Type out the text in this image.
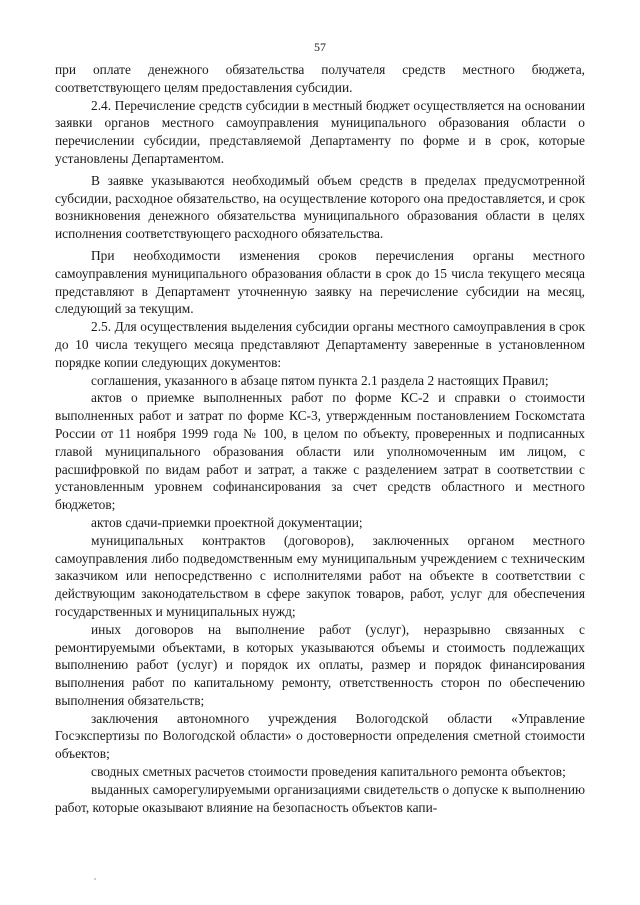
57

при оплате денежного обязательства получателя средств местного бюджета, соответствующего целям предоставления субсидии.

2.4. Перечисление средств субсидии в местный бюджет осуществляется на основании заявки органов местного самоуправления муниципального образования области о перечислении субсидии, представляемой Департаменту по форме и в срок, которые установлены Департаментом.

В заявке указываются необходимый объем средств в пределах предусмотренной субсидии, расходное обязательство, на осуществление которого она предоставляется, и срок возникновения денежного обязательства муниципального образования области в целях исполнения соответствующего расходного обязательства.

При необходимости изменения сроков перечисления органы местного самоуправления муниципального образования области в срок до 15 числа текущего месяца представляют в Департамент уточненную заявку на перечисление субсидии на месяц, следующий за текущим.

2.5. Для осуществления выделения субсидии органы местного самоуправления в срок до 10 числа текущего месяца представляют Департаменту заверенные в установленном порядке копии следующих документов:

соглашения, указанного в абзаце пятом пункта 2.1 раздела 2 настоящих Правил;

актов о приемке выполненных работ по форме КС-2 и справки о стоимости выполненных работ и затрат по форме КС-3, утвержденным постановлением Госкомстата России от 11 ноября 1999 года № 100, в целом по объекту, проверенных и подписанных главой муниципального образования области или уполномоченным им лицом, с расшифровкой по видам работ и затрат, а также с разделением затрат в соответствии с установленным уровнем софинансирования за счет средств областного и местного бюджетов;

актов сдачи-приемки проектной документации;

муниципальных контрактов (договоров), заключенных органом местного самоуправления либо подведомственным ему муниципальным учреждением с техническим заказчиком или непосредственно с исполнителями работ на объекте в соответствии с действующим законодательством в сфере закупок товаров, работ, услуг для обеспечения государственных и муниципальных нужд;

иных договоров на выполнение работ (услуг), неразрывно связанных с ремонтируемыми объектами, в которых указываются объемы и стоимость подлежащих выполнению работ (услуг) и порядок их оплаты, размер и порядок финансирования выполнения работ по капитальному ремонту, ответственность сторон по обеспечению выполнения обязательств;

заключения автономного учреждения Вологодской области «Управление Госэкспертизы по Вологодской области» о достоверности определения сметной стоимости объектов;

сводных сметных расчетов стоимости проведения капитального ремонта объектов;

выданных саморегулируемыми организациями свидетельств о допуске к выполнению работ, которые оказывают влияние на безопасность объектов капи-
